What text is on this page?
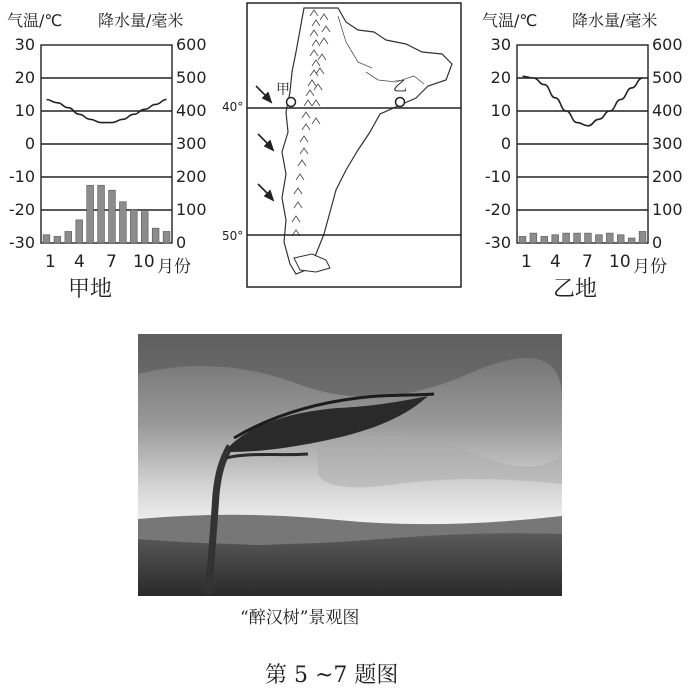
气温/℃ 降水量/毫米
30
20
10
0
-10
-20
-30
600
500
400
300
200
100
0
1 4 7 10 月份
甲地
甲	乙
40°
50°
气温/℃ 降水量/毫米
30
20
10
0
-10
-20
-30
600
500
400
300
200
100
0
1 4 7 10 月份
乙地
“醉汉树”景观图
第 5 ~7 题图
